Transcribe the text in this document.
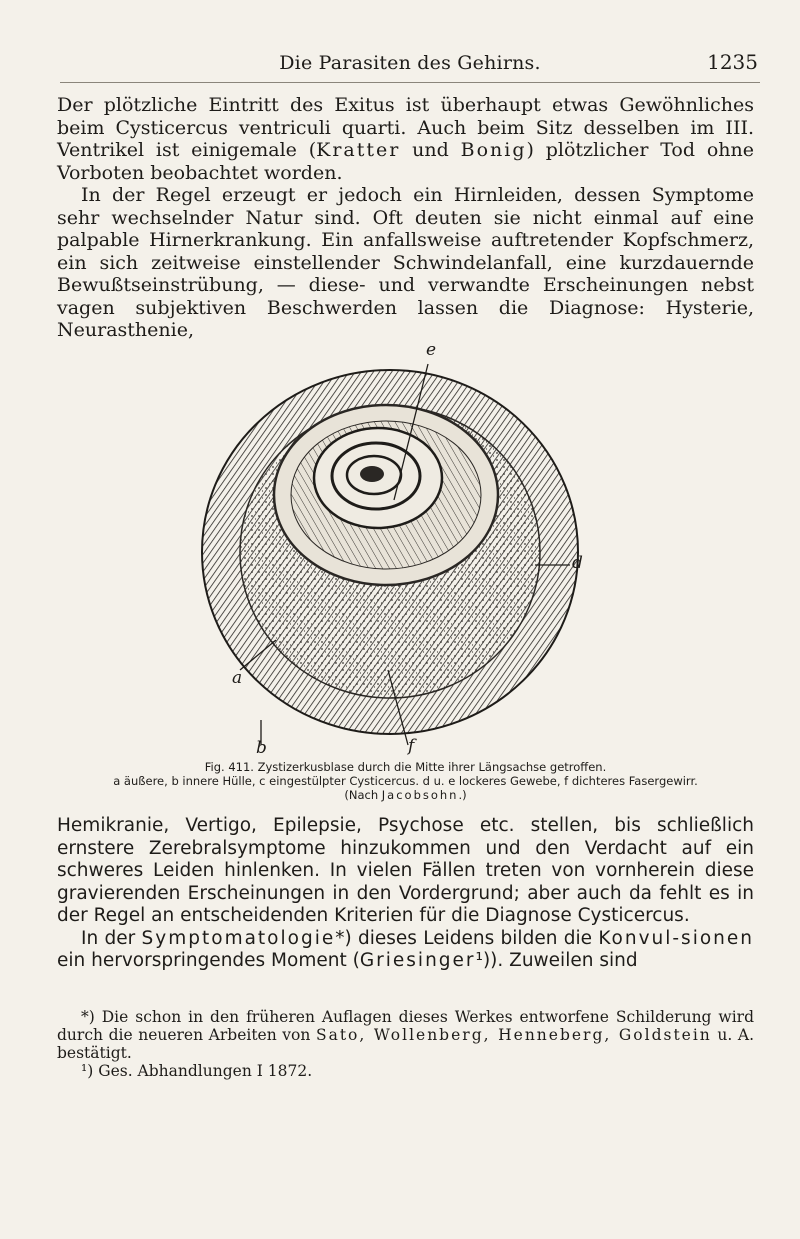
Die Parasiten des Gehirns.	1235
Der plötzliche Eintritt des Exitus ist überhaupt etwas Gewöhnliches beim Cysticercus ventriculi quarti. Auch beim Sitz desselben im III. Ventrikel ist einigemale (Kratter und Bonig) plötzlicher Tod ohne Vorboten beobachtet worden.
In der Regel erzeugt er jedoch ein Hirnleiden, dessen Symptome sehr wechselnder Natur sind. Oft deuten sie nicht einmal auf eine palpable Hirnerkrankung. Ein anfallsweise auftretender Kopfschmerz, ein sich zeitweise einstellender Schwindelanfall, eine kurzdauernde Bewußtseinstrübung, — diese- und verwandte Erscheinungen nebst vagen subjektiven Beschwerden lassen die Diagnose: Hysterie, Neurasthenie,
e
d
a
b	f
Fig. 411. Zystizerkusblase durch die Mitte ihrer Längsachse getroffen.
a äußere, b innere Hülle, c eingestülpter Cysticercus. d u. e lockeres Gewebe, f dichteres Fasergewirr.
(Nach Jacobsohn.)
Hemikranie, Vertigo, Epilepsie, Psychose etc. stellen, bis schließlich ernstere Zerebralsymptome hinzukommen und den Verdacht auf ein schweres Leiden hinlenken. In vielen Fällen treten von vornherein diese gravierenden Erscheinungen in den Vordergrund; aber auch da fehlt es in der Regel an entscheidenden Kriterien für die Diagnose Cysticercus.
In der Symptomatologie*) dieses Leidens bilden die Konvul-sionen ein hervorspringendes Moment (Griesinger¹)). Zuweilen sind

*) Die schon in den früheren Auflagen dieses Werkes entworfene Schilderung wird durch die neueren Arbeiten von Sato, Wollenberg, Henneberg, Goldstein u. A. bestätigt.

¹) Ges. Abhandlungen I 1872.
